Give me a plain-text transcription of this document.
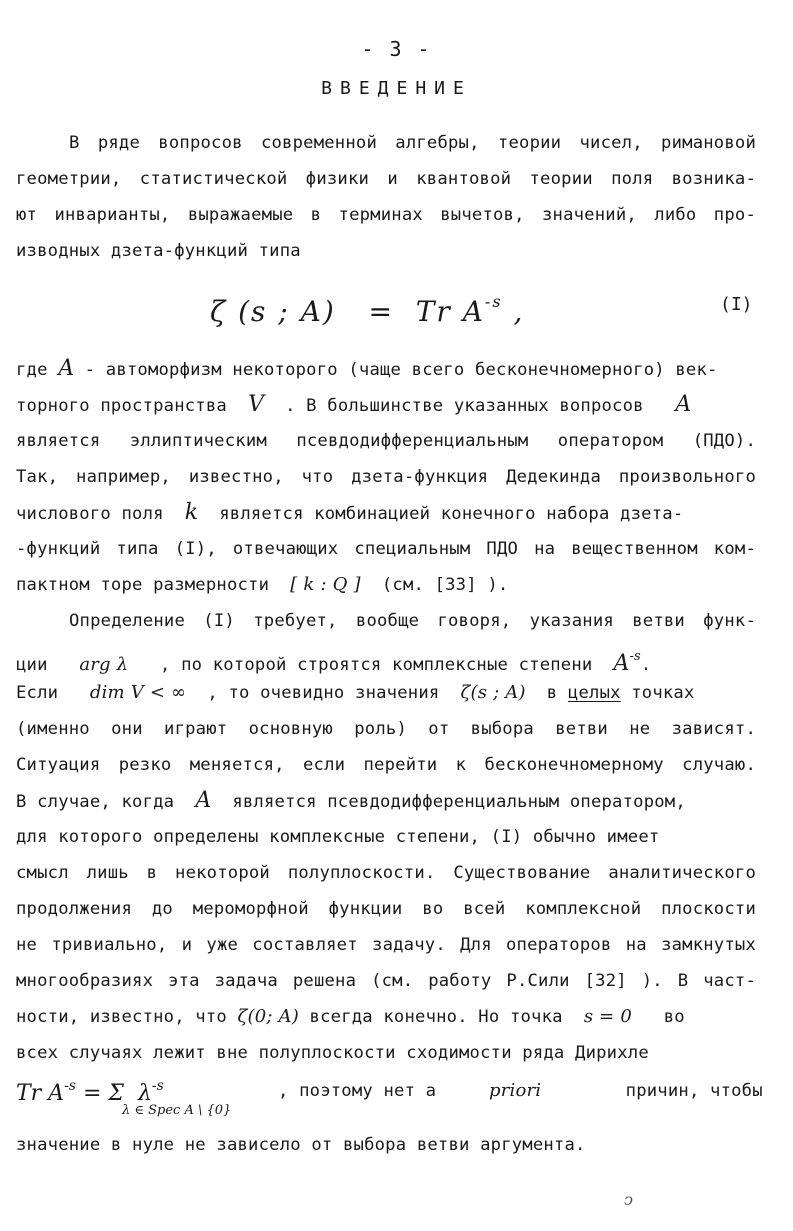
- 3 -
ВВЕДЕНИЕ
В ряде вопросов современной алгебры, теории чисел, римановой
геометрии, статистической физики и квантовой теории поля возника-
ют инварианты, выражаемые в терминах вычетов, значений, либо про-
изводных дзета-функций типа
ζ (s ; A) = Tr $A^{-s}$ ,	(I)
где A - автоморфизм некоторого (чаще всего бесконечномерного) век-
торного пространства V . В большинстве указанных вопросов A
является эллиптическим псевдодифференциальным оператором (ПДО).
Так, например, известно, что дзета-функция Дедекинда произвольного
числового поля k является комбинацией конечного набора дзета-
-функций типа (I), отвечающих специальным ПДО на вещественном ком-
пактном торе размерности [ k : Q ] (см. [33] ).
Определение (I) требует, вообще говоря, указания ветви функ-
ции arg λ , по которой строятся комплексные степени $A^{-s}$.
Если dim V < ∞ , то очевидно значения ζ(s ; A) в целых точках
(именно они играют основную роль) от выбора ветви не зависят.
Ситуация резко меняется, если перейти к бесконечномерному случаю.
В случае, когда A является псевдодифференциальным оператором,
для которого определены комплексные степени, (I) обычно имеет
смысл лишь в некоторой полуплоскости. Существование аналитического
продолжения до мероморфной функции во всей комплексной плоскости
не тривиально, и уже составляет задачу. Для операторов на замкнутых
многообразиях эта задача решена (см. работу Р.Сили [32] ). В част-
ности, известно, что ζ(0; A) всегда конечно. Но точка s = 0 во
всех случаях лежит вне полуплоскости сходимости ряда Дирихле
Tr $A^{-s} = \Sigma$  $\lambda^{-s}$
λ ∈ Spec A \ {0}
, поэтому нет а	priori	причин, чтобы
значение в нуле не зависело от выбора ветви аргумента.
ↄ
